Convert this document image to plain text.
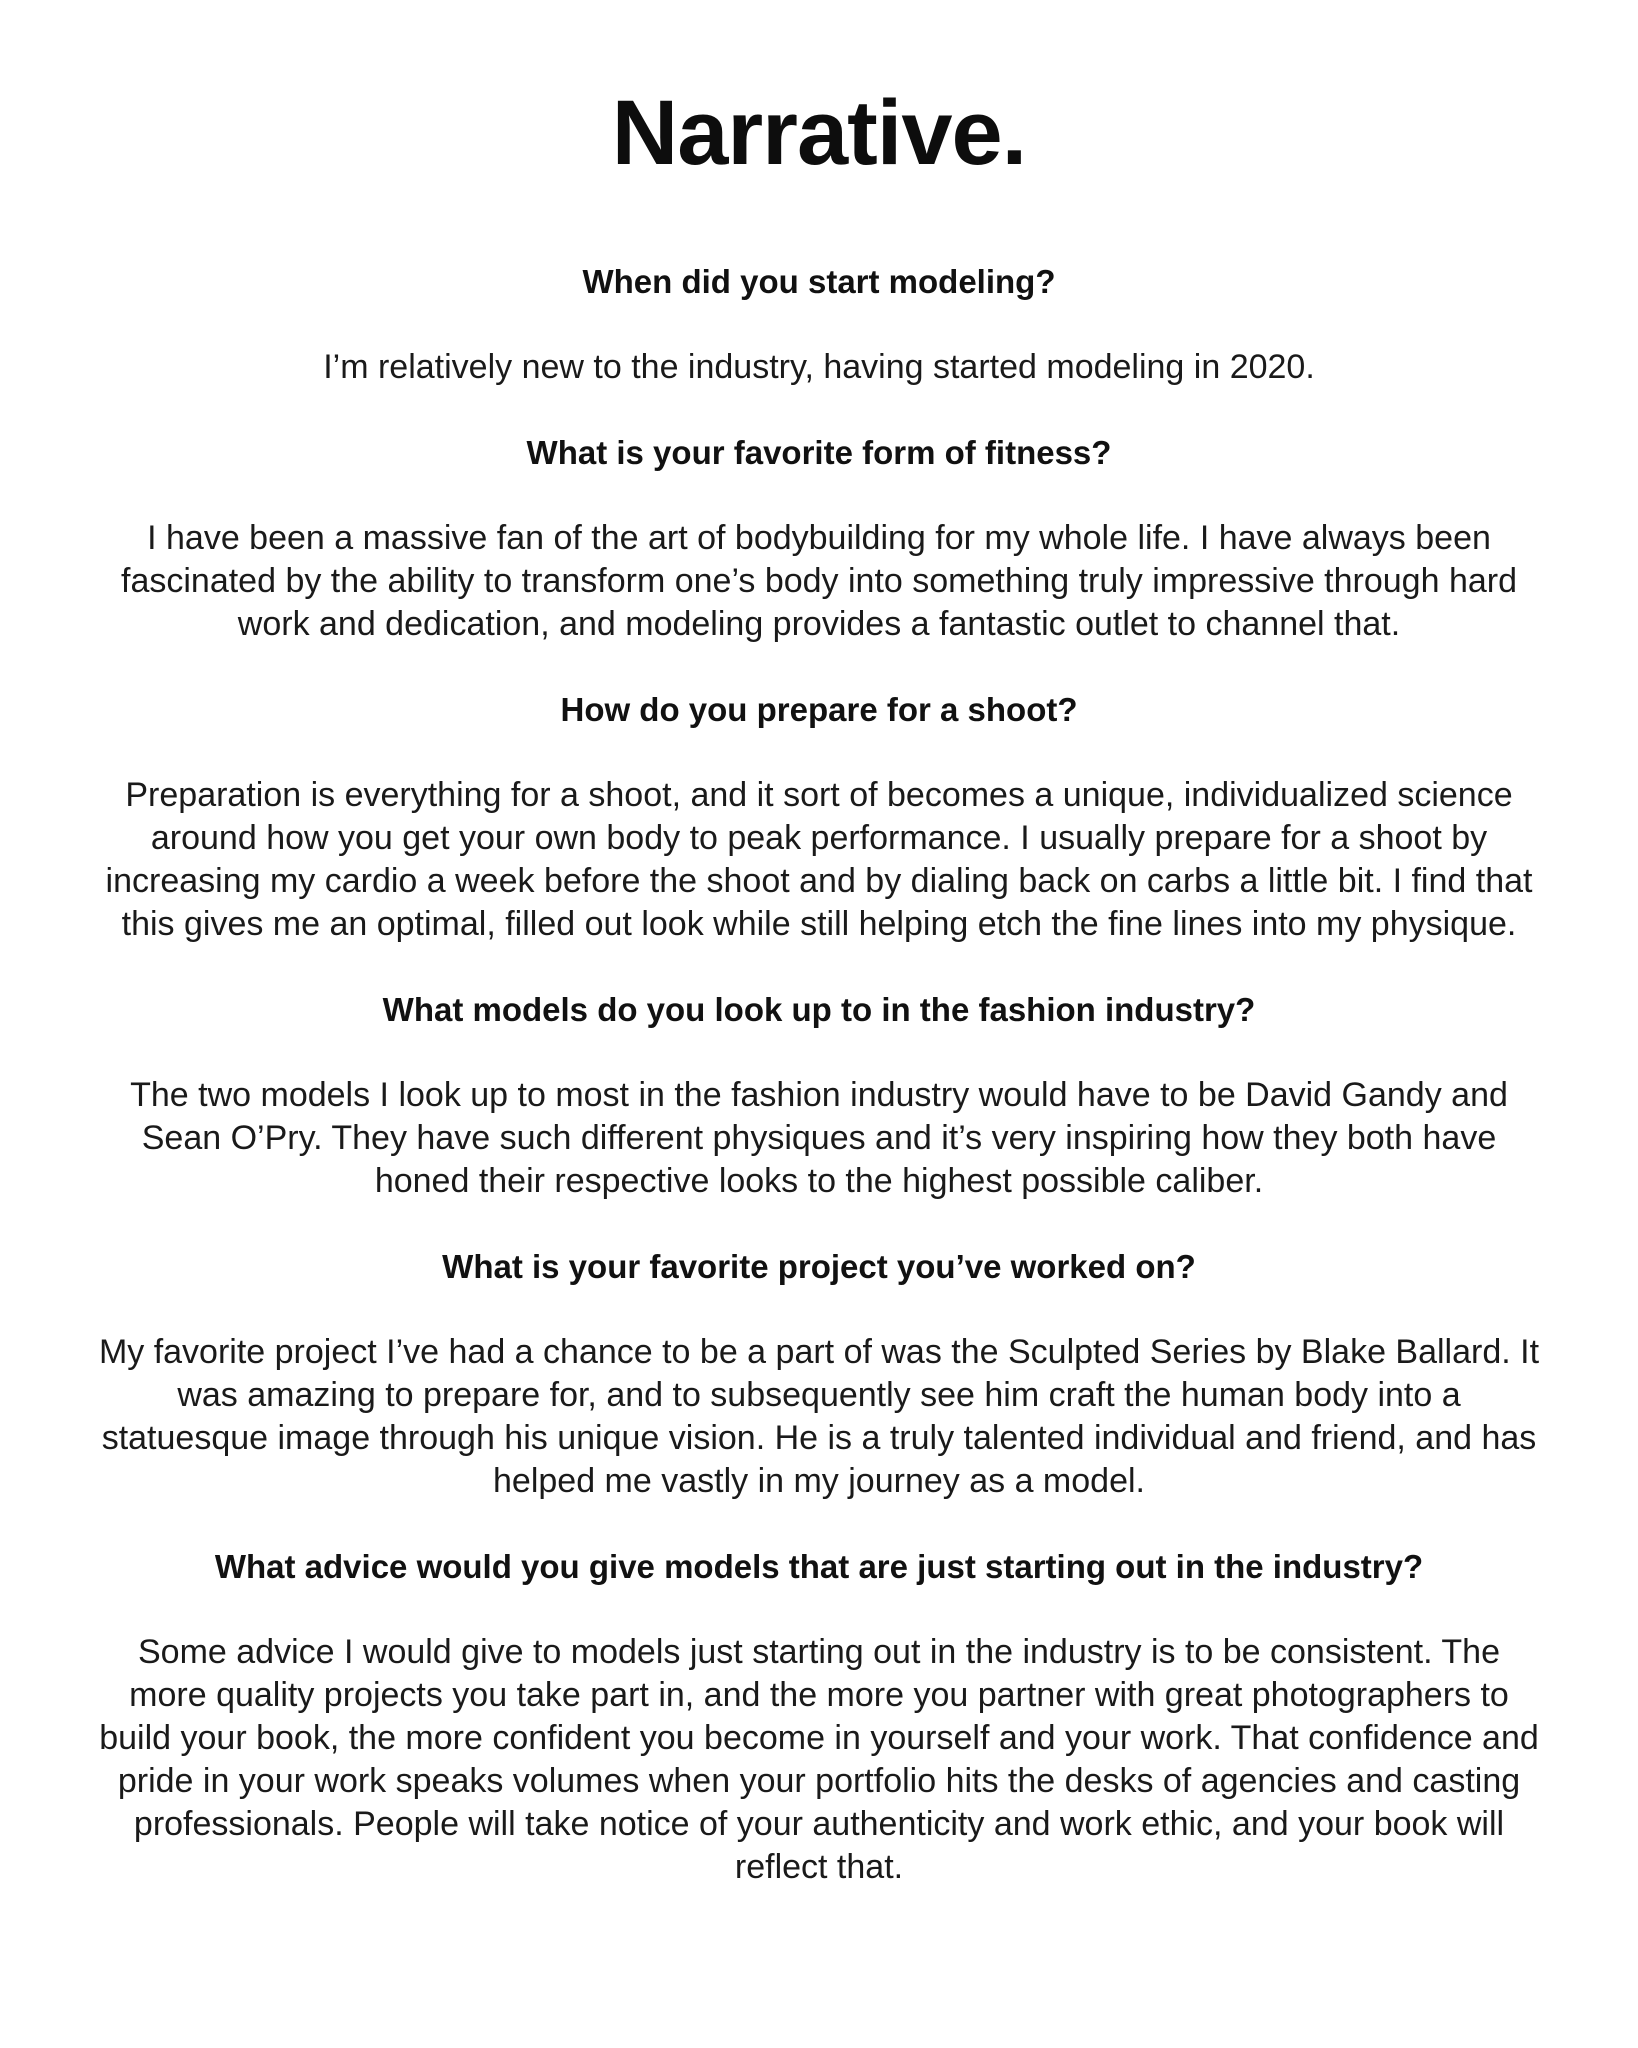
Narrative.

When did you start modeling?

I’m relatively new to the industry, having started modeling in 2020.

What is your favorite form of fitness?

I have been a massive fan of the art of bodybuilding for my whole life. I have always been fascinated by the ability to transform one’s body into something truly impressive through hard work and dedication, and modeling provides a fantastic outlet to channel that.

How do you prepare for a shoot?

Preparation is everything for a shoot, and it sort of becomes a unique, individualized science around how you get your own body to peak performance. I usually prepare for a shoot by increasing my cardio a week before the shoot and by dialing back on carbs a little bit. I find that this gives me an optimal, filled out look while still helping etch the fine lines into my physique.

What models do you look up to in the fashion industry?

The two models I look up to most in the fashion industry would have to be David Gandy and Sean O’Pry. They have such different physiques and it’s very inspiring how they both have honed their respective looks to the highest possible caliber.

What is your favorite project you’ve worked on?

My favorite project I’ve had a chance to be a part of was the Sculpted Series by Blake Ballard. It was amazing to prepare for, and to subsequently see him craft the human body into a statuesque image through his unique vision. He is a truly talented individual and friend, and has helped me vastly in my journey as a model.

What advice would you give models that are just starting out in the industry?

Some advice I would give to models just starting out in the industry is to be consistent. The more quality projects you take part in, and the more you partner with great photographers to build your book, the more confident you become in yourself and your work. That confidence and pride in your work speaks volumes when your portfolio hits the desks of agencies and casting professionals. People will take notice of your authenticity and work ethic, and your book will reflect that.
